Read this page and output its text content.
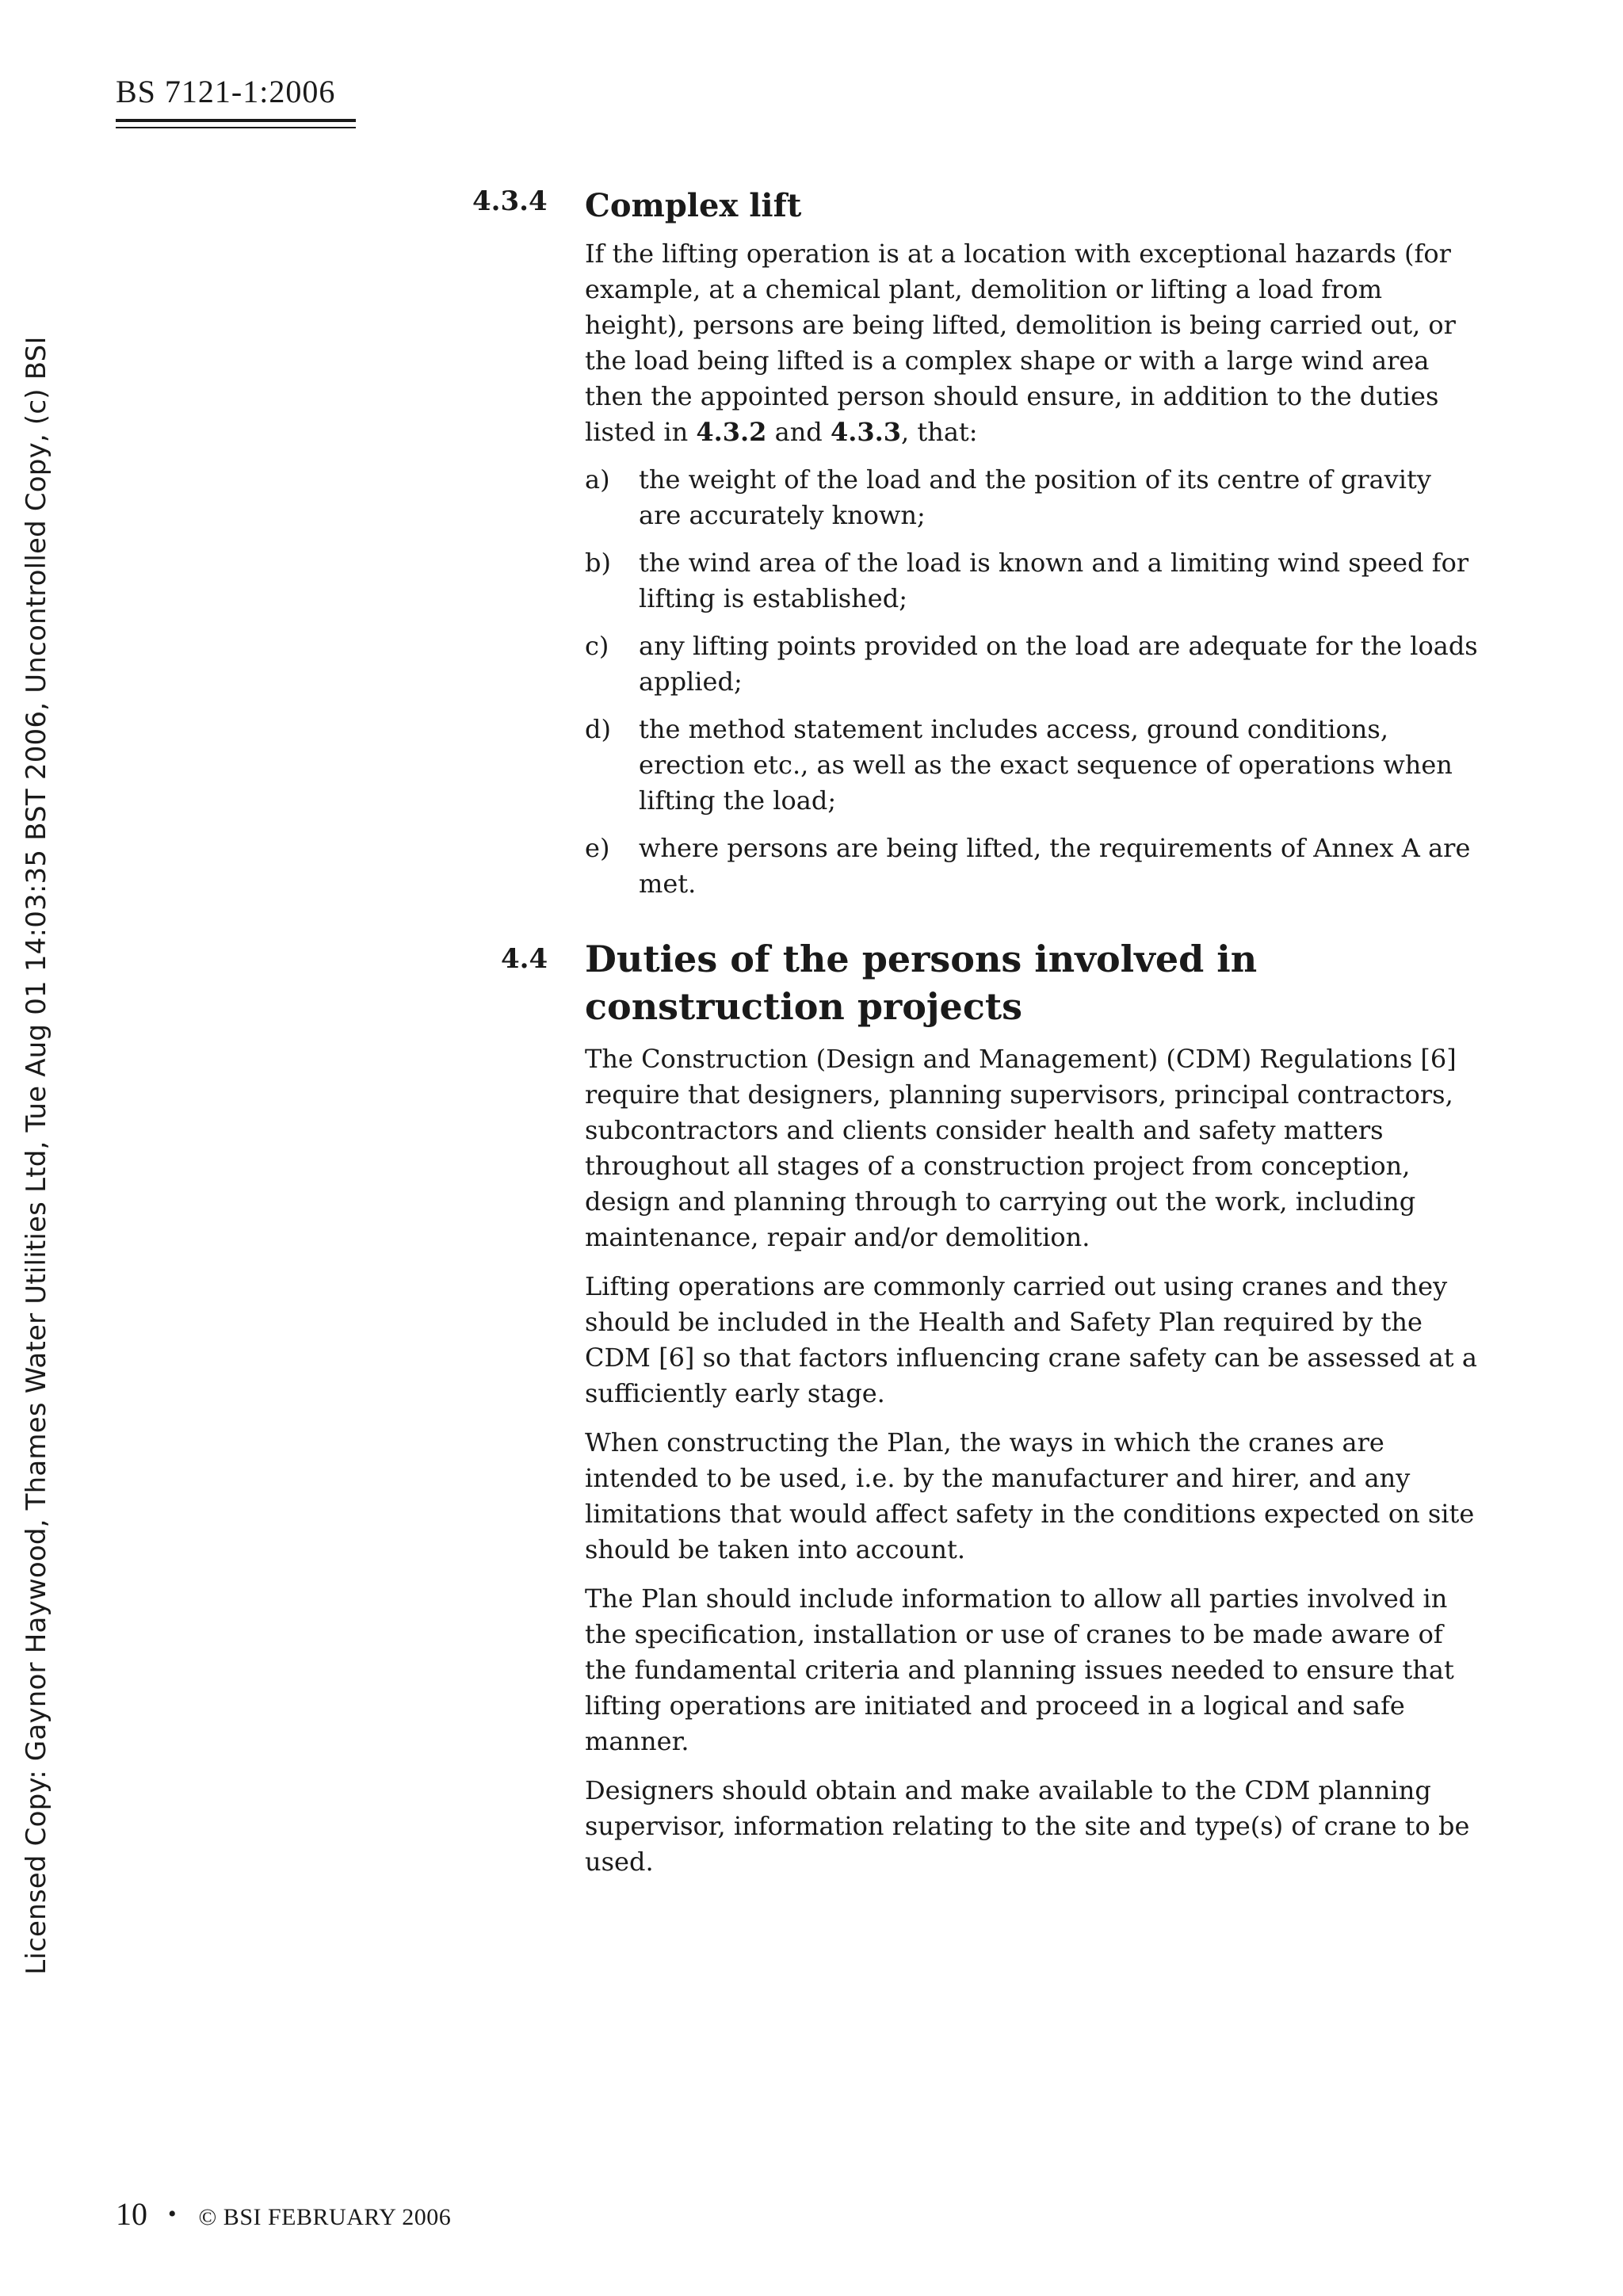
BS 7121-1:2006
Licensed Copy: Gaynor Haywood, Thames Water Utilities Ltd, Tue Aug 01 14:03:35 BST 2006, Uncontrolled Copy, (c) BSI
4.3.4 Complex lift

If the lifting operation is at a location with exceptional hazards (for example, at a chemical plant, demolition or lifting a load from height), persons are being lifted, demolition is being carried out, or the load being lifted is a complex shape or with a large wind area then the appointed person should ensure, in addition to the duties listed in 4.3.2 and 4.3.3, that:

a) the weight of the load and the position of its centre of gravity are accurately known;
b) the wind area of the load is known and a limiting wind speed for lifting is established;
c) any lifting points provided on the load are adequate for the loads applied;
d) the method statement includes access, ground conditions, erection etc., as well as the exact sequence of operations when lifting the load;
e) where persons are being lifted, the requirements of Annex A are met.
4.4 Duties of the persons involved in construction projects

The Construction (Design and Management) (CDM) Regulations [6] require that designers, planning supervisors, principal contractors, subcontractors and clients consider health and safety matters throughout all stages of a construction project from conception, design and planning through to carrying out the work, including maintenance, repair and/or demolition.

Lifting operations are commonly carried out using cranes and they should be included in the Health and Safety Plan required by the CDM [6] so that factors influencing crane safety can be assessed at a sufficiently early stage.

When constructing the Plan, the ways in which the cranes are intended to be used, i.e. by the manufacturer and hirer, and any limitations that would affect safety in the conditions expected on site should be taken into account.

The Plan should include information to allow all parties involved in the specification, installation or use of cranes to be made aware of the fundamental criteria and planning issues needed to ensure that lifting operations are initiated and proceed in a logical and safe manner.

Designers should obtain and make available to the CDM planning supervisor, information relating to the site and type(s) of crane to be used.

10 • © BSI FEBRUARY 2006
